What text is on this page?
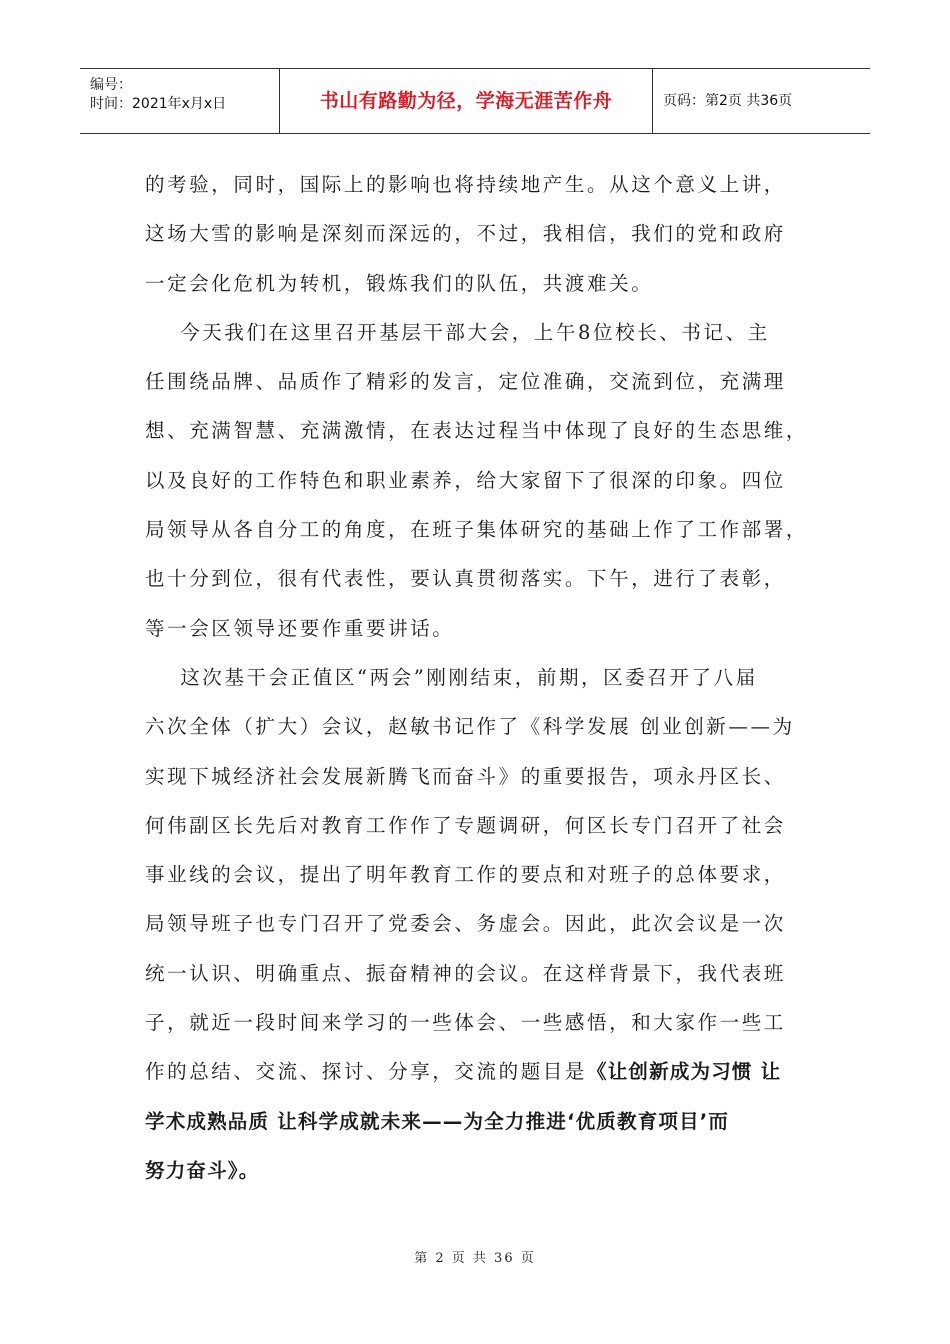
编号：
时间：2021年x月x日	书山有路勤为径，学海无涯苦作舟	页码：第2页 共36页

的考验，同时，国际上的影响也将持续地产生。从这个意义上讲，

这场大雪的影响是深刻而深远的，不过，我相信，我们的党和政府

一定会化危机为转机，锻炼我们的队伍，共渡难关。

今天我们在这里召开基层干部大会，上午8位校长、书记、主

任围绕品牌、品质作了精彩的发言，定位准确，交流到位，充满理

想、充满智慧、充满激情，在表达过程当中体现了良好的生态思维，

以及良好的工作特色和职业素养，给大家留下了很深的印象。四位

局领导从各自分工的角度，在班子集体研究的基础上作了工作部署，

也十分到位，很有代表性，要认真贯彻落实。下午，进行了表彰，

等一会区领导还要作重要讲话。

这次基干会正值区“两会”刚刚结束，前期，区委召开了八届

六次全体（扩大）会议，赵敏书记作了《科学发展 创业创新——为

实现下城经济社会发展新腾飞而奋斗》的重要报告，项永丹区长、

何伟副区长先后对教育工作作了专题调研，何区长专门召开了社会

事业线的会议，提出了明年教育工作的要点和对班子的总体要求，

局领导班子也专门召开了党委会、务虚会。因此，此次会议是一次

统一认识、明确重点、振奋精神的会议。在这样背景下，我代表班

子，就近一段时间来学习的一些体会、一些感悟，和大家作一些工

作的总结、交流、探讨、分享，交流的题目是《让创新成为习惯 让

学术成熟品质 让科学成就未来——为全力推进‘优质教育项目’而

努力奋斗》。

第 2 页 共 36 页
